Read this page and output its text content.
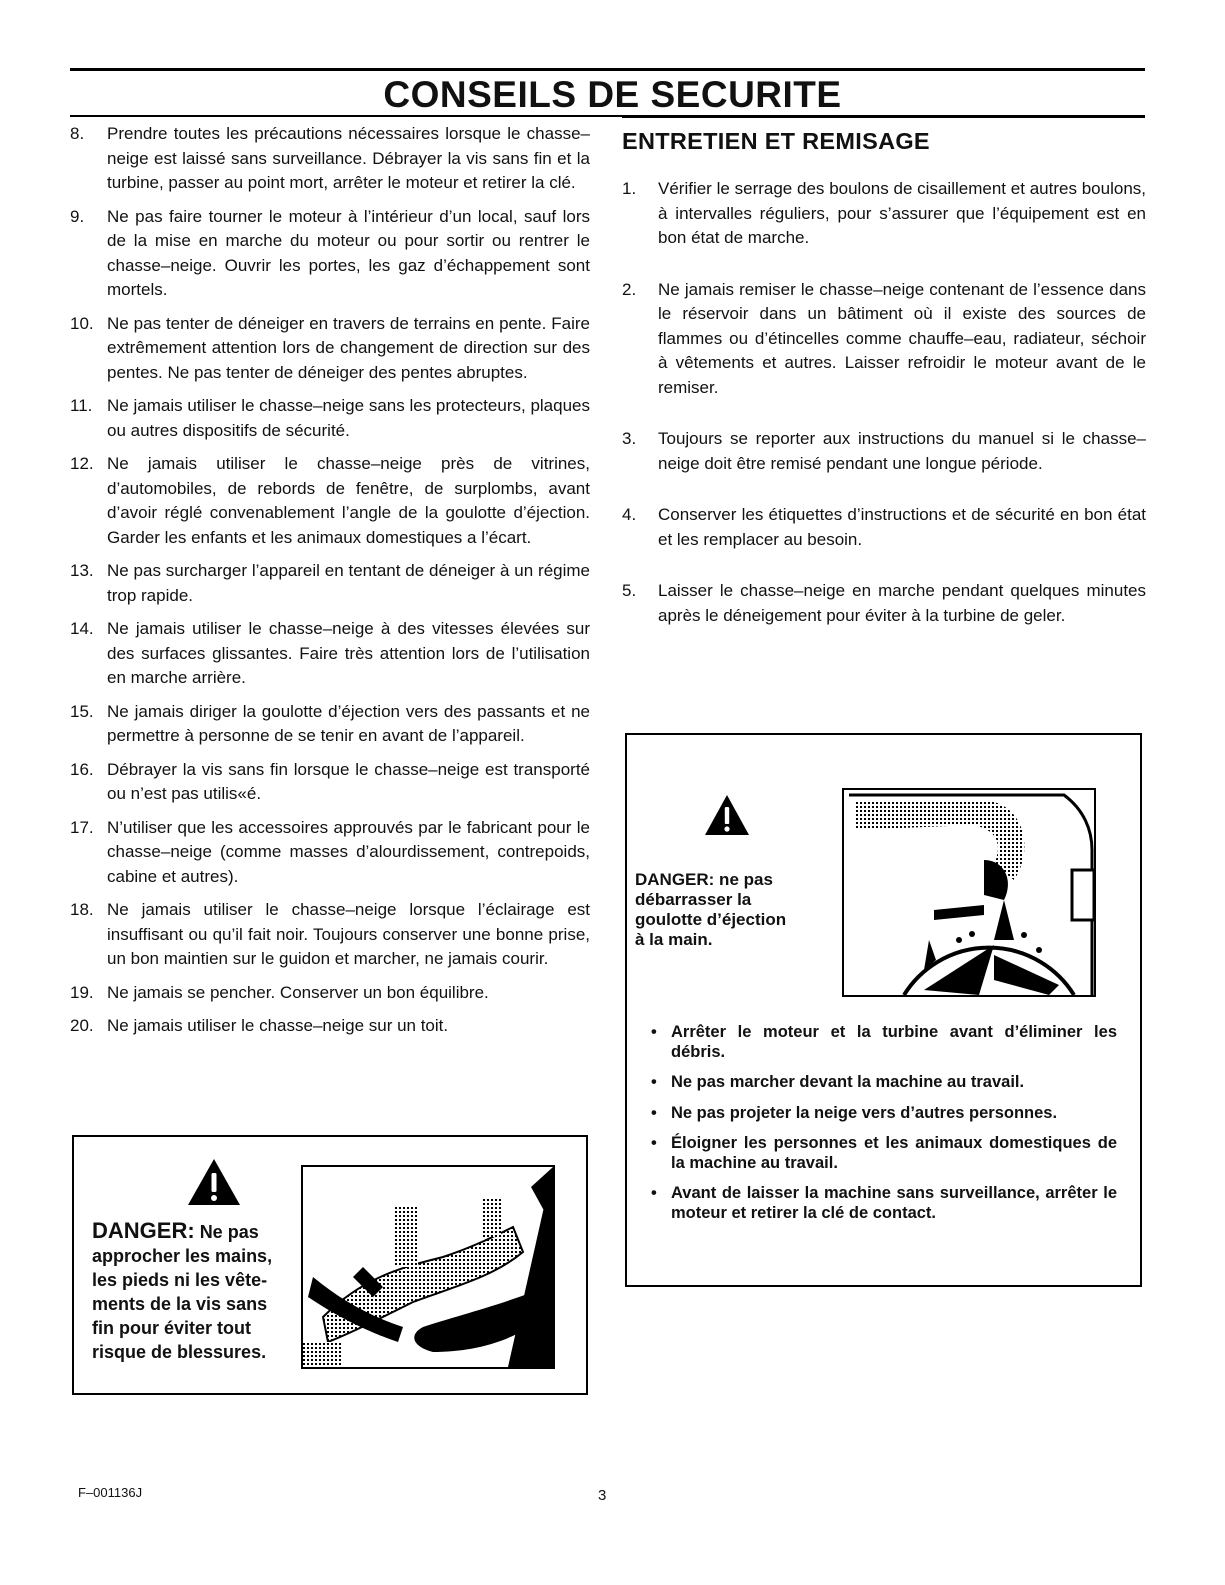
CONSEILS DE SECURITE
8. Prendre toutes les précautions nécessaires lorsque le chasse–neige est laissé sans surveillance. Débrayer la vis sans fin et la turbine, passer au point mort, arrêter le moteur et retirer la clé.
9. Ne pas faire tourner le moteur à l’intérieur d’un local, sauf lors de la mise en marche du moteur ou pour sortir ou rentrer le chasse–neige. Ouvrir les portes, les gaz d’échappement sont mortels.
10. Ne pas tenter de déneiger en travers de terrains en pente. Faire extrêmement attention lors de changement de direction sur des pentes. Ne pas tenter de déneiger des pentes abruptes.
11. Ne jamais utiliser le chasse–neige sans les protecteurs, plaques ou autres dispositifs de sécurité.
12. Ne jamais utiliser le chasse–neige près de vitrines, d’automobiles, de rebords de fenêtre, de surplombs, avant d’avoir réglé convenablement l’angle de la goulotte d’éjection. Garder les enfants et les animaux domestiques a l’écart.
13. Ne pas surcharger l’appareil en tentant de déneiger à un régime trop rapide.
14. Ne jamais utiliser le chasse–neige à des vitesses élevées sur des surfaces glissantes. Faire très attention lors de l’utilisation en marche arrière.
15. Ne jamais diriger la goulotte d’éjection vers des passants et ne permettre à personne de se tenir en avant de l’appareil.
16. Débrayer la vis sans fin lorsque le chasse–neige est transporté ou n’est pas utilis«é.
17. N’utiliser que les accessoires approuvés par le fabricant pour le chasse–neige (comme masses d’alourdissement, contrepoids, cabine et autres).
18. Ne jamais utiliser le chasse–neige lorsque l’éclairage est insuffisant ou qu’il fait noir. Toujours conserver une bonne prise, un bon maintien sur le guidon et marcher, ne jamais courir.
19. Ne jamais se pencher. Conserver un bon équilibre.
20. Ne jamais utiliser le chasse–neige sur un toit.
DANGER: Ne pas
approcher les mains,
les pieds ni les vête-
ments de la vis sans
fin pour éviter tout
risque de blessures.
ENTRETIEN ET REMISAGE
1. Vérifier le serrage des boulons de cisaillement et autres boulons, à intervalles réguliers, pour s’assurer que l’équipement est en bon état de marche.
2. Ne jamais remiser le chasse–neige contenant de l’essence dans le réservoir dans un bâtiment où il existe des sources de flammes ou d’étincelles comme chauffe–eau, radiateur, séchoir à vêtements et autres. Laisser refroidir le moteur avant de le remiser.
3. Toujours se reporter aux instructions du manuel si le chasse–neige doit être remisé pendant une longue période.
4. Conserver les étiquettes d’instructions et de sécurité en bon état et les remplacer au besoin.
5. Laisser le chasse–neige en marche pendant quelques minutes après le déneigement pour éviter à la turbine de geler.
DANGER: ne pas
débarrasser la
goulotte d’éjection
à la main.
• Arrêter le moteur et la turbine avant d’éliminer les débris.
• Ne pas marcher devant la machine au travail.
• Ne pas projeter la neige vers d’autres personnes.
• Éloigner les personnes et les animaux domestiques de la machine au travail.
• Avant de laisser la machine sans surveillance, arrêter le moteur et retirer la clé de contact.
F–001136J	3
